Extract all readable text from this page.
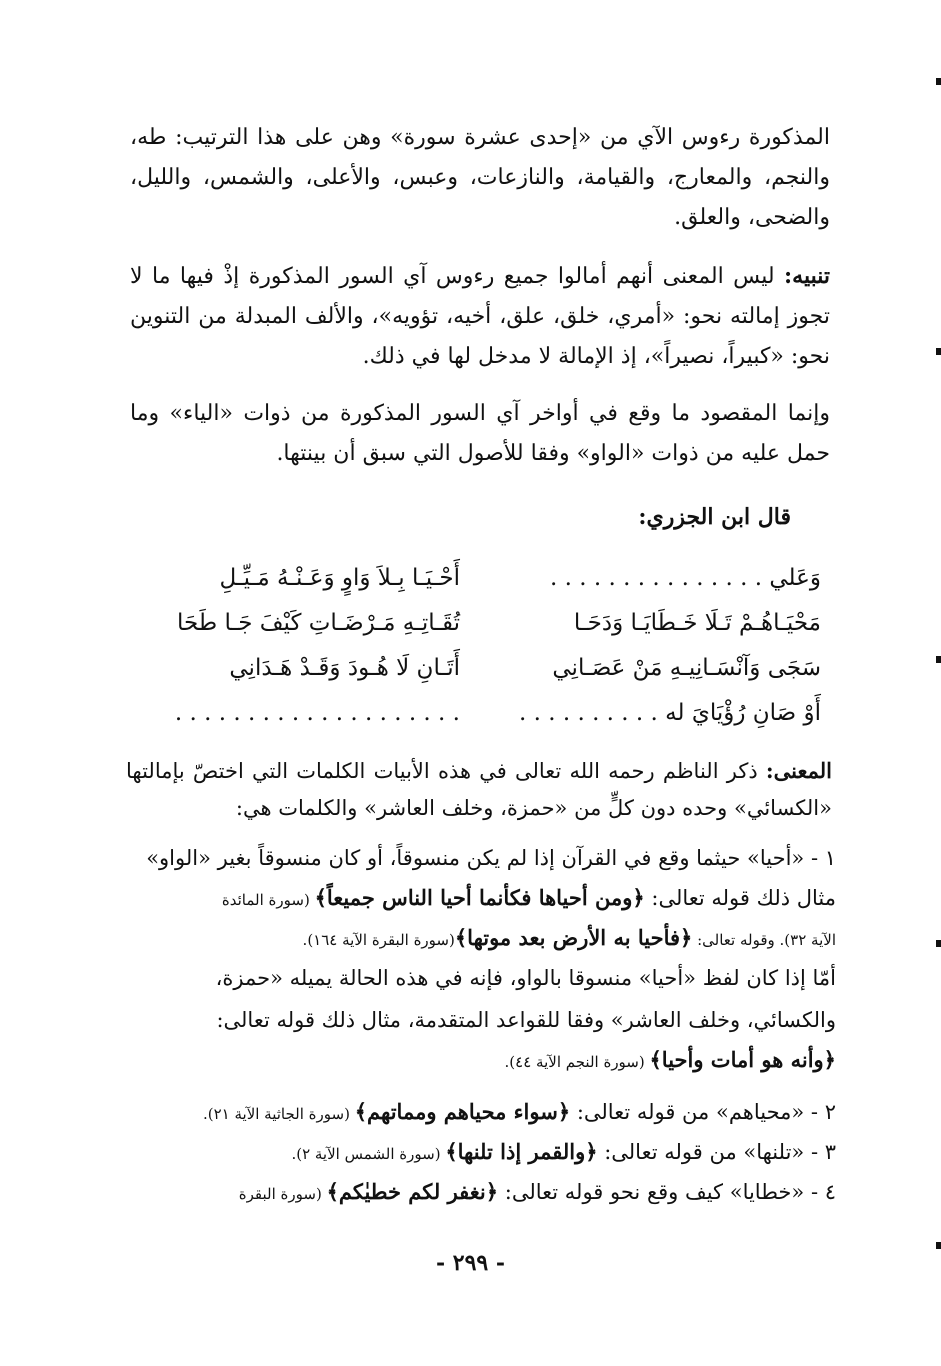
المذكورة رءوس الآي من «إحدى عشرة سورة» وهن على هذا الترتيب: طه، والنجم، والمعارج، والقيامة، والنازعات، وعبس، والأعلى، والشمس، والليل، والضحى، والعلق.
تنبيه: ليس المعنى أنهم أمالوا جميع رءوس آي السور المذكورة إذْ فيها ما لا تجوز إمالته نحو: «أمري، خلق، علق، أخيه، تؤويه»، والألف المبدلة من التنوين نحو: «كبيراً، نصيراً»، إذ الإمالة لا مدخل لها في ذلك.
وإنما المقصود ما وقع في أواخر آي السور المذكورة من ذوات «الياء» وما حمل عليه من ذوات «الواو» وفقا للأصول التي سبق أن بينتها.
قال ابن الجزري:
وَعَلي . . . . . . . . . . . . . . .
مَحْيَـاهُـمْ تَـلَا خَـطَايَـا وَدَحَـا
سَجَى وَآنْسَـانِيـهِ مَنْ عَصَـانِي
أَوْ صَانِ رُؤْيَايَ له . . . . . . . . . .
أَحْـيَـا بِـلاَ وَاوٍ وَعَـنْـهُ مَـيِّـلِ
تُقَـاتِـهِ مَـرْضَـاتِ كَيْفَ جَـا طَحَا
أَتَـانِ لَا هُـودَ وَقَـدْ هَـدَانِي
. . . . . . . . . . . . . . . . . . . .
المعنى: ذكر الناظم رحمه الله تعالى في هذه الأبيات الكلمات التي اختصّ بإمالتها «الكسائي» وحده دون كلٍّ من «حمزة، وخلف العاشر» والكلمات هي:
١ - «أحيا» حيثما وقع في القرآن إذا لم يكن منسوقاً، أو كان منسوقاً بغير «الواو»
مثال ذلك قوله تعالى: ﴿ومن أحياها فكأنما أحيا الناس جميعاً﴾ (سورة المائدة
الآية ٣٢). وقوله تعالى: ﴿فأحيا به الأرض بعد موتها﴾(سورة البقرة الآية ١٦٤).
أمّا إذا كان لفظ «أحيا» منسوقا بالواو، فإنه في هذه الحالة يميله «حمزة،
والكسائي، وخلف العاشر» وفقا للقواعد المتقدمة، مثال ذلك قوله تعالى:
﴿وأنه هو أمات وأحيا﴾ (سورة النجم الآية ٤٤).
٢ - «محياهم» من قوله تعالى: ﴿سواء محياهم ومماتهم﴾ (سورة الجاثية الآية ٢١).
٣ - «تلنها» من قوله تعالى: ﴿والقمر إذا تلنها﴾ (سورة الشمس الآية ٢).
٤ - «خطايا» كيف وقع نحو قوله تعالى: ﴿نغفر لكم خطيٰكم﴾ (سورة البقرة
- ٢٩٩ -
